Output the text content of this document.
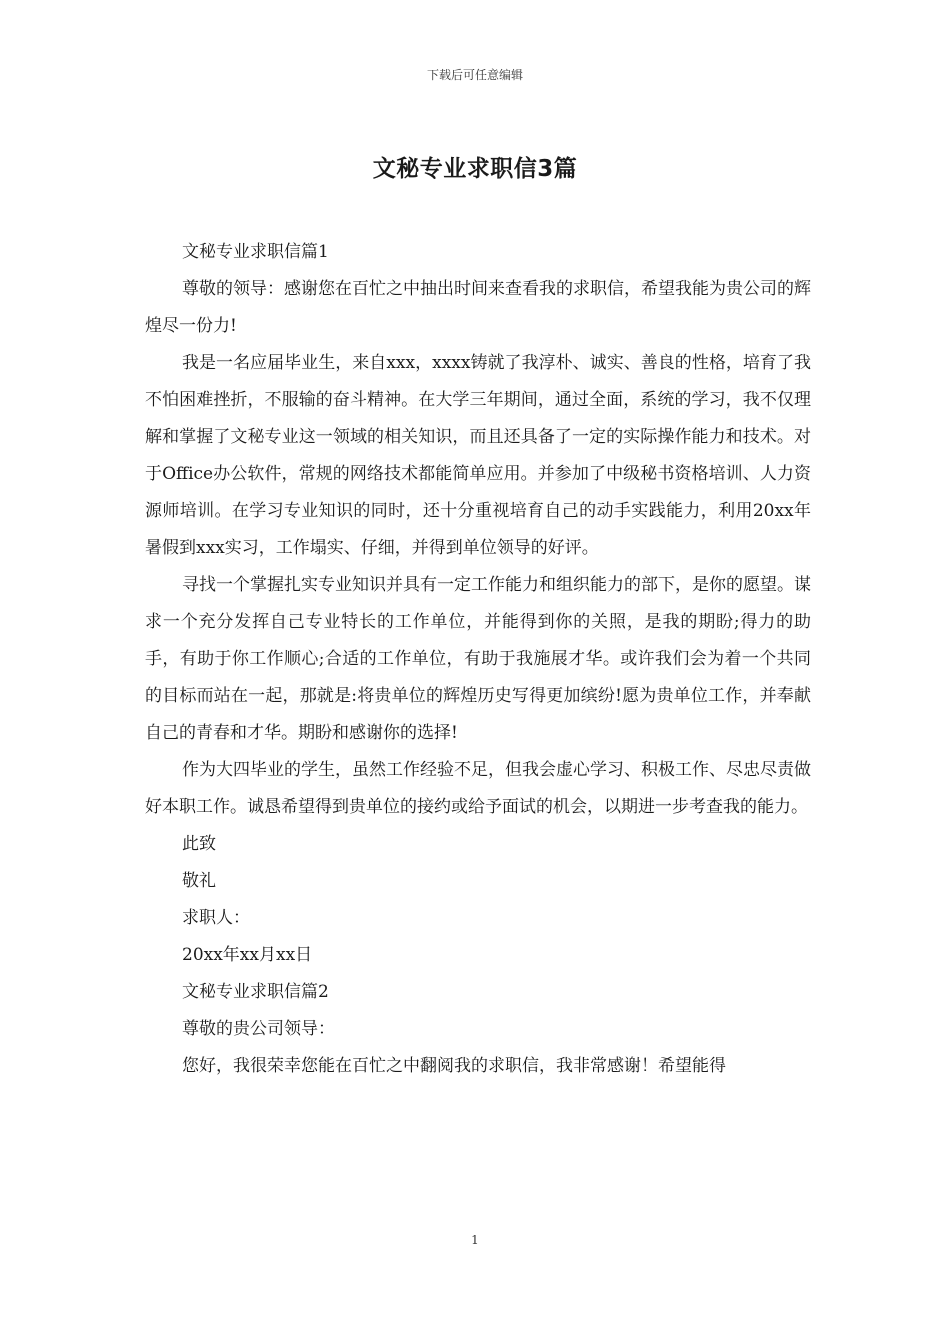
下载后可任意编辑
文秘专业求职信3篇

文秘专业求职信篇1

尊敬的领导：感谢您在百忙之中抽出时间来查看我的求职信，希望我能为贵公司的辉煌尽一份力!

我是一名应届毕业生，来自xxx，xxxx铸就了我淳朴、诚实、善良的性格，培育了我不怕困难挫折，不服输的奋斗精神。在大学三年期间，通过全面，系统的学习，我不仅理解和掌握了文秘专业这一领域的相关知识，而且还具备了一定的实际操作能力和技术。对于Office办公软件，常规的网络技术都能简单应用。并参加了中级秘书资格培训、人力资源师培训。在学习专业知识的同时，还十分重视培育自己的动手实践能力，利用20xx年暑假到xxx实习，工作塌实、仔细，并得到单位领导的好评。

寻找一个掌握扎实专业知识并具有一定工作能力和组织能力的部下，是你的愿望。谋求一个充分发挥自己专业特长的工作单位，并能得到你的关照，是我的期盼;得力的助手，有助于你工作顺心;合适的工作单位，有助于我施展才华。或许我们会为着一个共同的目标而站在一起，那就是:将贵单位的辉煌历史写得更加缤纷!愿为贵单位工作，并奉献自己的青春和才华。期盼和感谢你的选择!

作为大四毕业的学生，虽然工作经验不足，但我会虚心学习、积极工作、尽忠尽责做好本职工作。诚恳希望得到贵单位的接约或给予面试的机会，以期进一步考查我的能力。

此致

敬礼

求职人：

20xx年xx月xx日

文秘专业求职信篇2

尊敬的贵公司领导：

您好，我很荣幸您能在百忙之中翻阅我的求职信，我非常感谢！希望能得

1
